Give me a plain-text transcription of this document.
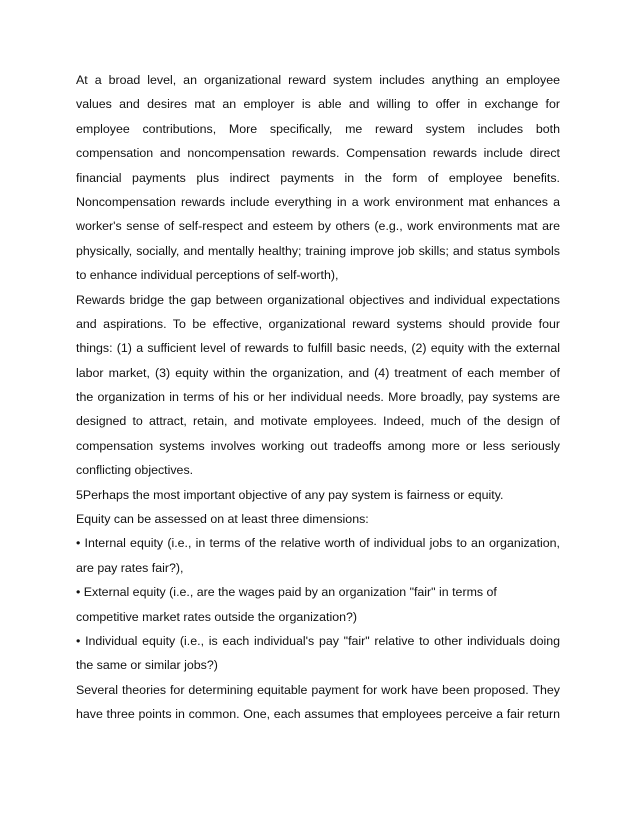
At a broad level, an organizational reward system includes anything an employee
values and desires mat an employer is able and willing to offer in exchange for
employee contributions, More specifically, me reward system includes both
compensation and noncompensation rewards. Compensation rewards include direct
financial payments plus indirect payments in the form of employee benefits.
Noncompensation rewards include everything in a work environment mat enhances a
worker's sense of self-respect and esteem by others (e.g., work environments mat are
physically, socially, and mentally healthy; training improve job skills; and status symbols
to enhance individual perceptions of self-worth),
Rewards bridge the gap between organizational objectives and individual expectations
and aspirations. To be effective, organizational reward systems should provide four
things: (1) a sufficient level of rewards to fulfill basic needs, (2) equity with the external
labor market, (3) equity within the organization, and (4) treatment of each member of
the organization in terms of his or her individual needs. More broadly, pay systems are
designed to attract, retain, and motivate employees. Indeed, much of the design of
compensation systems involves working out tradeoffs among more or less seriously
conflicting objectives.
5Perhaps the most important objective of any pay system is fairness or equity.
Equity can be assessed on at least three dimensions:
• Internal equity (i.e., in terms of the relative worth of individual jobs to an organization,
are pay rates fair?),
• External equity (i.e., are the wages paid by an organization "fair" in terms of
competitive market rates outside the organization?)
• Individual equity (i.e., is each individual's pay "fair" relative to other individuals doing
the same or similar jobs?)
Several theories for determining equitable payment for work have been proposed. They
have three points in common. One, each assumes that employees perceive a fair return
